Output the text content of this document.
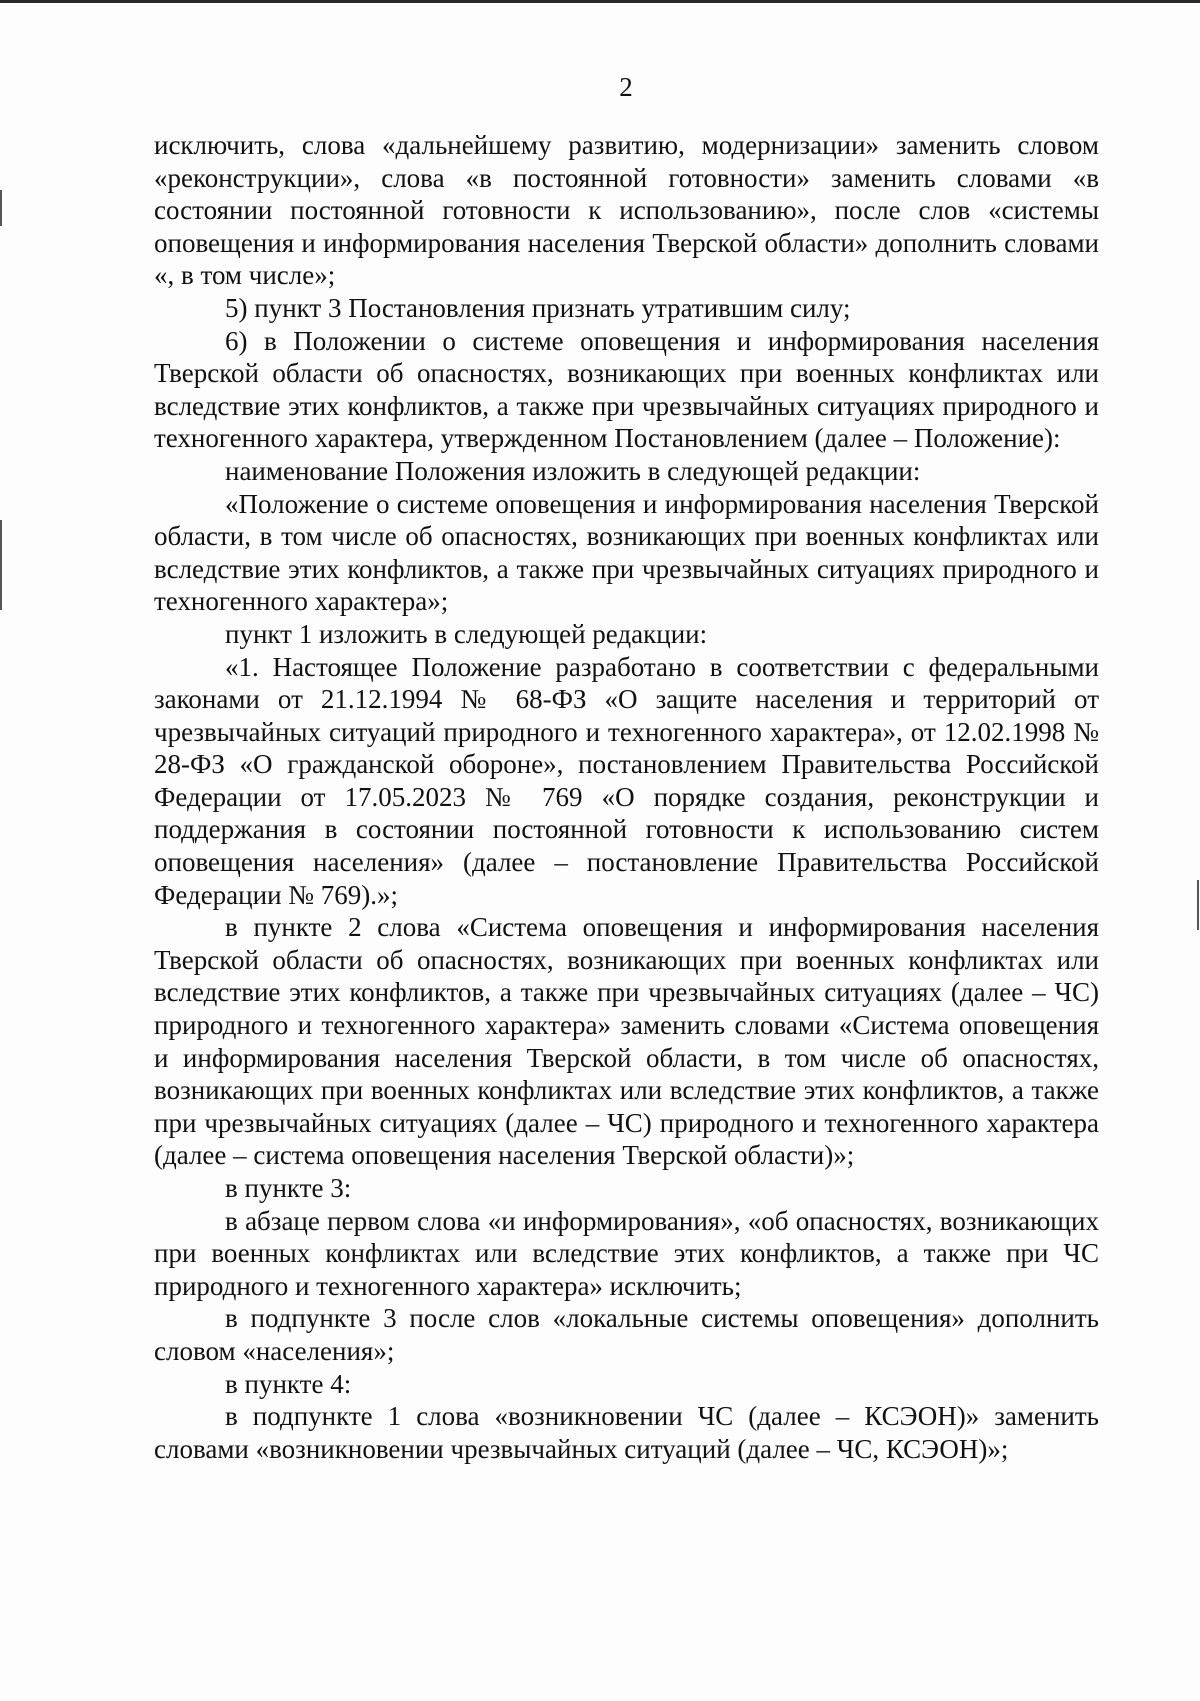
2

исключить, слова «дальнейшему развитию, модернизации» заменить словом «реконструкции», слова «в постоянной готовности» заменить словами «в состоянии постоянной готовности к использованию», после слов «системы оповещения и информирования населения Тверской области» дополнить словами «, в том числе»;

5) пункт 3 Постановления признать утратившим силу;

6) в Положении о системе оповещения и информирования населения Тверской области об опасностях, возникающих при военных конфликтах или вследствие этих конфликтов, а также при чрезвычайных ситуациях природного и техногенного характера, утвержденном Постановлением (далее – Положение):

наименование Положения изложить в следующей редакции:

«Положение о системе оповещения и информирования населения Тверской области, в том числе об опасностях, возникающих при военных конфликтах или вследствие этих конфликтов, а также при чрезвычайных ситуациях природного и техногенного характера»;

пункт 1 изложить в следующей редакции:

«1. Настоящее Положение разработано в соответствии с федеральными законами от 21.12.1994 № 68-ФЗ «О защите населения и территорий от чрезвычайных ситуаций природного и техногенного характера», от 12.02.1998 № 28-ФЗ «О гражданской обороне», постановлением Правительства Российской Федерации от 17.05.2023 № 769 «О порядке создания, реконструкции и поддержания в состоянии постоянной готовности к использованию систем оповещения населения» (далее – постановление Правительства Российской Федерации № 769).»;

в пункте 2 слова «Система оповещения и информирования населения Тверской области об опасностях, возникающих при военных конфликтах или вследствие этих конфликтов, а также при чрезвычайных ситуациях (далее – ЧС) природного и техногенного характера» заменить словами «Система оповещения и информирования населения Тверской области, в том числе об опасностях, возникающих при военных конфликтах или вследствие этих конфликтов, а также при чрезвычайных ситуациях (далее – ЧС) природного и техногенного характера (далее – система оповещения населения Тверской области)»;

в пункте 3:

в абзаце первом слова «и информирования», «об опасностях, возникающих при военных конфликтах или вследствие этих конфликтов, а также при ЧС природного и техногенного характера» исключить;

в подпункте 3 после слов «локальные системы оповещения» дополнить словом «населения»;

в пункте 4:

в подпункте 1 слова «возникновении ЧС (далее – КСЭОН)» заменить словами «возникновении чрезвычайных ситуаций (далее – ЧС, КСЭОН)»;
